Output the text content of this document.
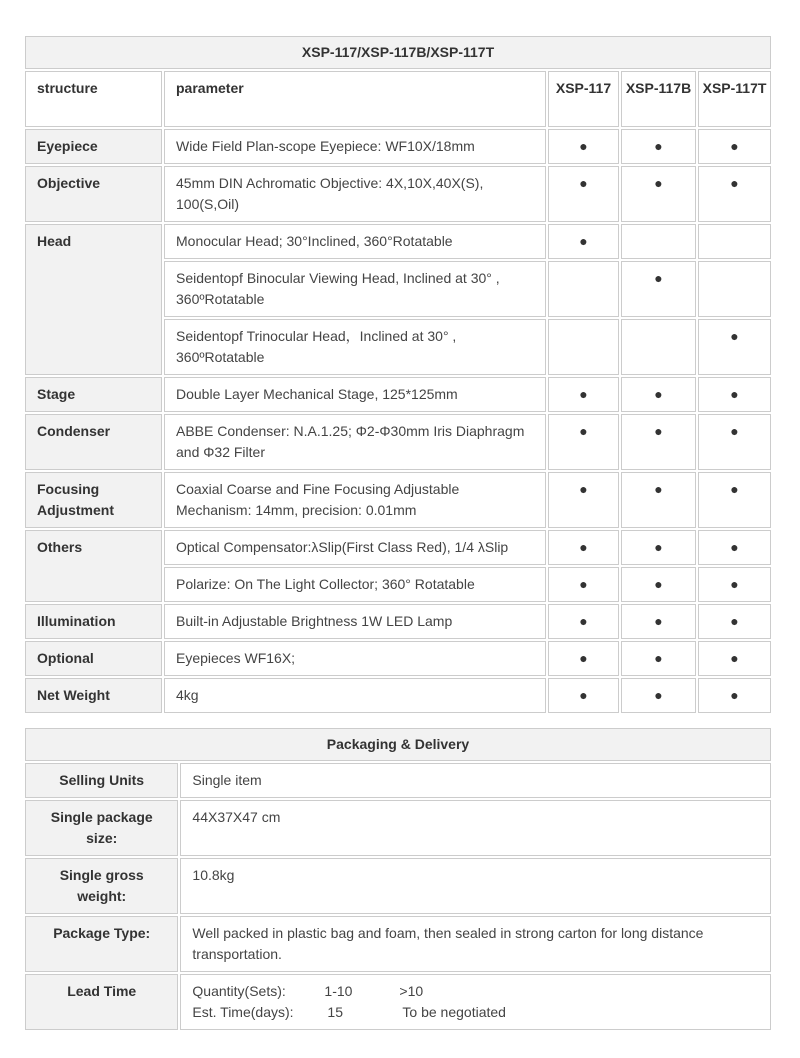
XSP-117/XSP-117B/XSP-117T				
structure	parameter	XSP-117	XSP-117B	XSP-117T
Eyepiece	Wide Field Plan-scope Eyepiece: WF10X/18mm	●	●	●
Objective	45mm DIN Achromatic Objective: 4X,10X,40X(S), 100(S,Oil)	●	●	●
Head	Monocular Head; 30°Inclined, 360°Rotatable	●		
	Seidentopf Binocular Viewing Head, Inclined at 30° , 360ºRotatable		●	
	Seidentopf Trinocular Head，Inclined at 30° , 360ºRotatable			●
Stage	Double Layer Mechanical Stage, 125*125mm	●	●	●
Condenser	ABBE Condenser: N.A.1.25; Φ2-Φ30mm Iris Diaphragm and Φ32 Filter	●	●	●
Focusing Adjustment	Coaxial Coarse and Fine Focusing Adjustable Mechanism: 14mm, precision: 0.01mm	●	●	●
Others	Optical Compensator:λSlip(First Class Red), 1/4 λSlip	●	●	●
	Polarize: On The Light Collector; 360° Rotatable	●	●	●
Illumination	Built-in Adjustable Brightness 1W LED Lamp	●	●	●
Optional	Eyepieces WF16X;	●	●	●
Net Weight	4kg	●	●	●
Packaging & Delivery	
Selling Units	Single item
Single package size:	44X37X47 cm
Single gross weight:	10.8kg
Package Type:	Well packed in plastic bag and foam, then sealed in strong carton for long distance transportation.
Lead Time	Quantity(Sets): 1-10 >10
Est. Time(days): 15 To be negotiated
